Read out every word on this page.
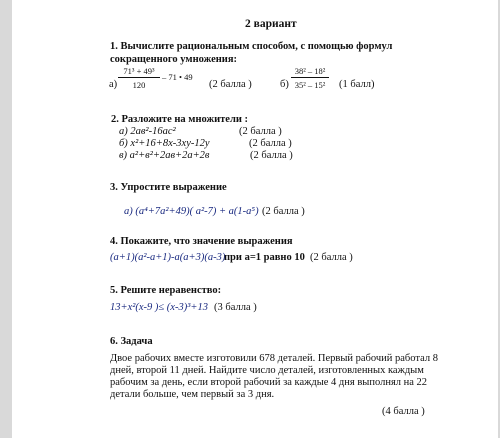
2 вариант
1. Вычислите рациональным способом, с помощью формул
сокращенного умножения:
$а) \frac{\text{71³ + 49³}}{120} - 71$ • 49
(2 балла )	$б) \frac{\text{38² – 18²}}{\text{35² – 15²}} (1$ балл)
2. Разложите на множители :
а) 2ав²-16ас²	(2 балла )
б) х²+16+8х-3ху-12у	(2 балла )
в) а²+в²+2ав+2а+2в	(2 балла )
3. Упростите выражение
а) (а⁴+7а²+49)( а²-7) + а(1-а⁵) (2 балла )
4. Покажите, что значение выражения
(а+1)(а²-а+1)-а(а+3)(а-3)
при а=1 равно 10 (2 балла )
5. Решите неравенство:
13+х²(х-9 )≤ (х-3)³+13 (3 балла )
6. Задача
Двое рабочих вместе изготовили 678 деталей. Первый рабочий работал 8
дней, второй 11 дней. Найдите число деталей, изготовленных каждым
рабочим за день, если второй рабочий за каждые 4 дня выполнял на 22
детали больше, чем первый за 3 дня.
(4 балла )
